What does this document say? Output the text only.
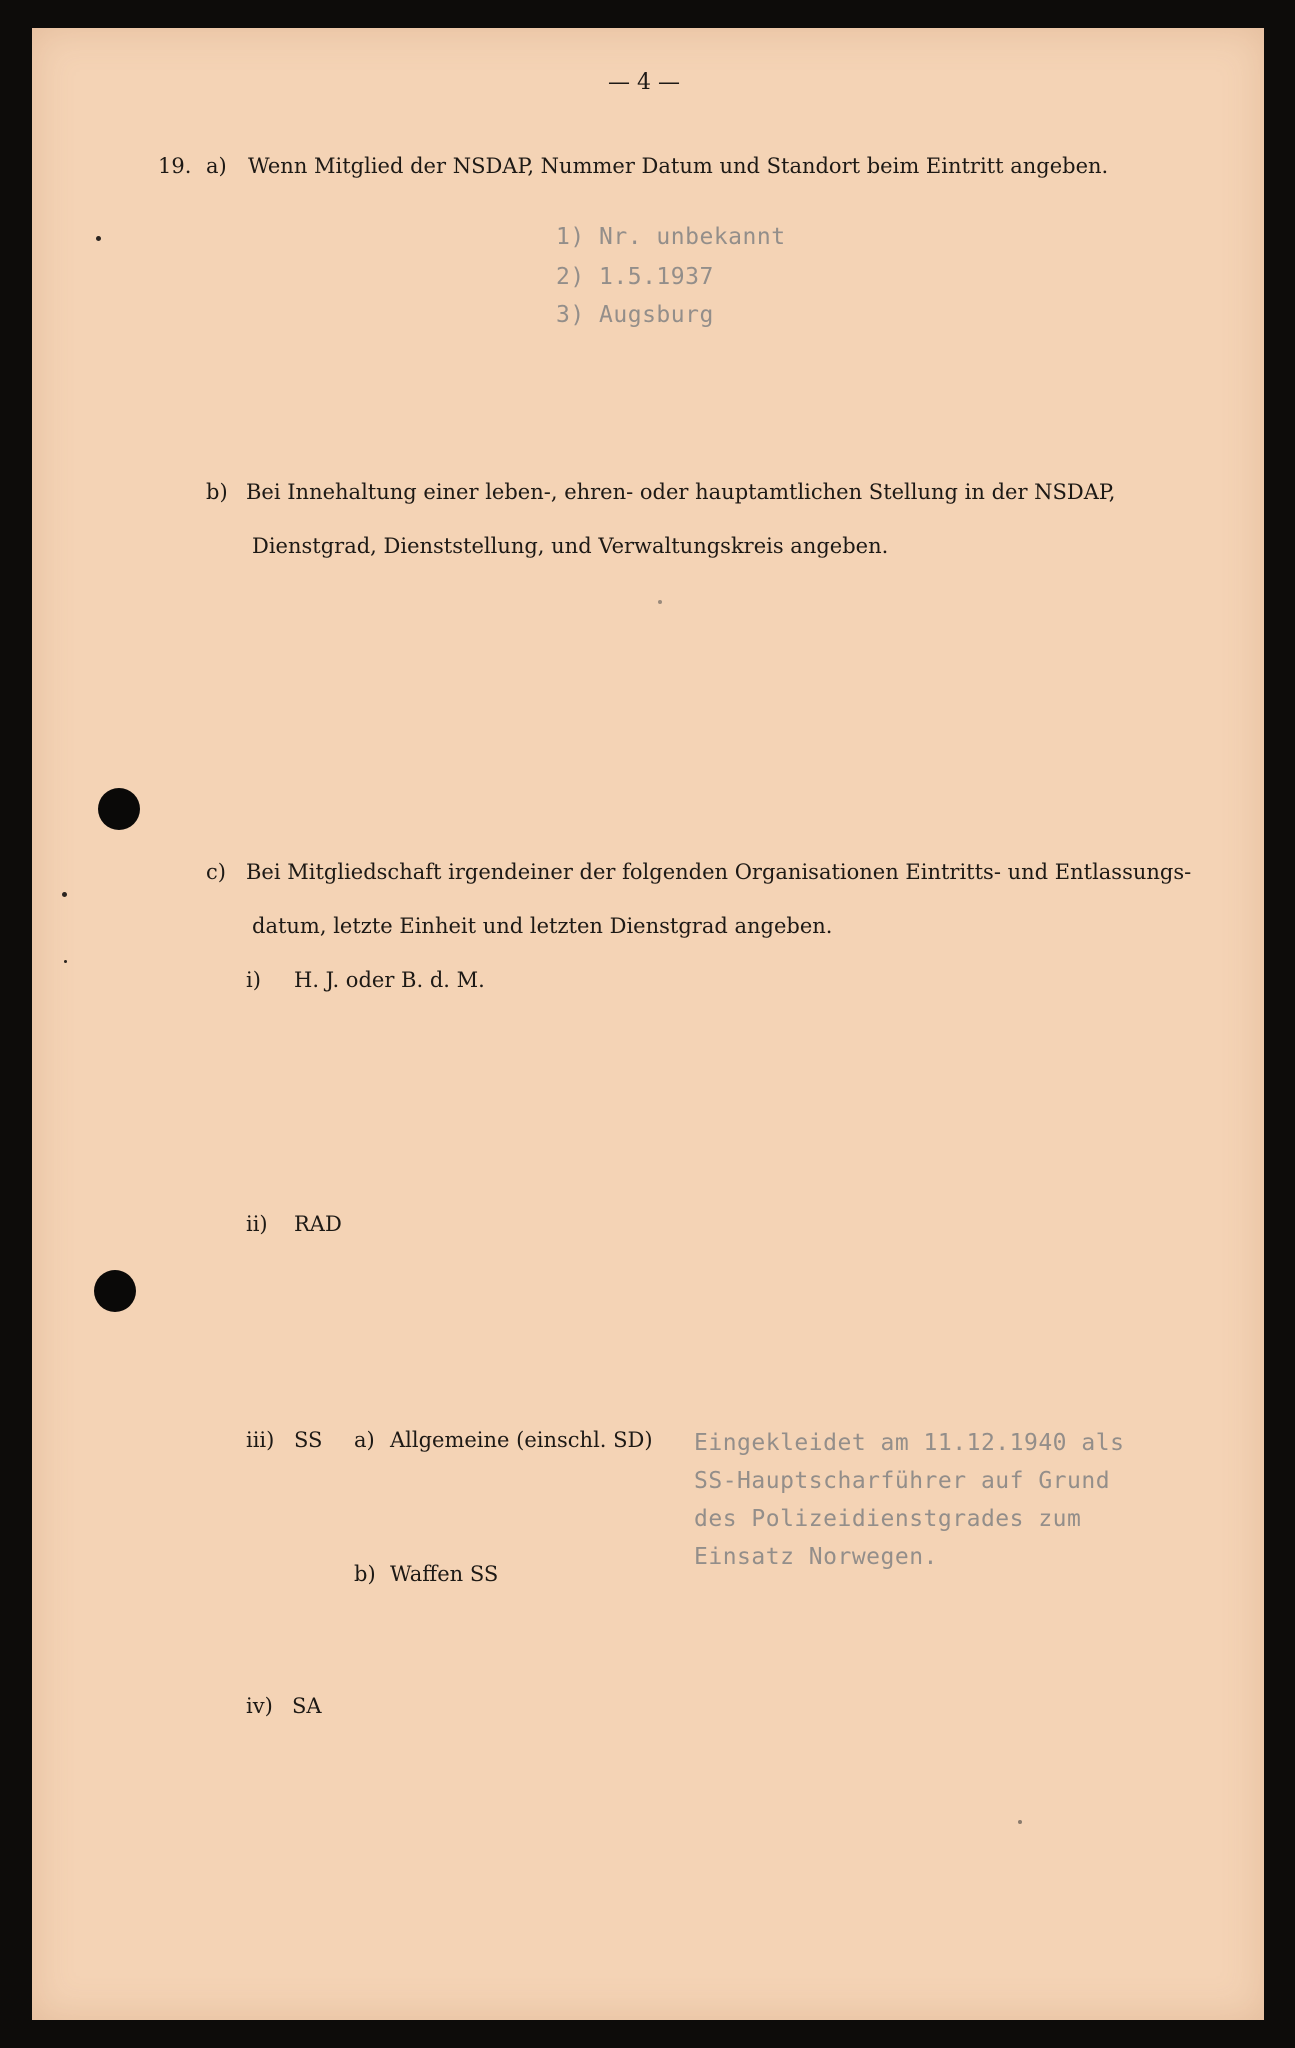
— 4 —
19. a) Wenn Mitglied der NSDAP, Nummer Datum und Standort beim Eintritt angeben.
1) Nr. unbekannt
2) 1.5.1937
3) Augsburg
b) Bei Innehaltung einer leben-, ehren- oder hauptamtlichen Stellung in der NSDAP,
Dienstgrad, Dienststellung, und Verwaltungskreis angeben.
c) Bei Mitgliedschaft irgendeiner der folgenden Organisationen Eintritts- und Entlassungs-
datum, letzte Einheit und letzten Dienstgrad angeben.
i) H. J. oder B. d. M.
ii) RAD
iii) SS a) Allgemeine (einschl. SD)
b) Waffen SS
Eingekleidet am 11.12.1940 als
SS-Hauptscharführer auf Grund
des Polizeidienstgrades zum
Einsatz Norwegen.
iv) SA
